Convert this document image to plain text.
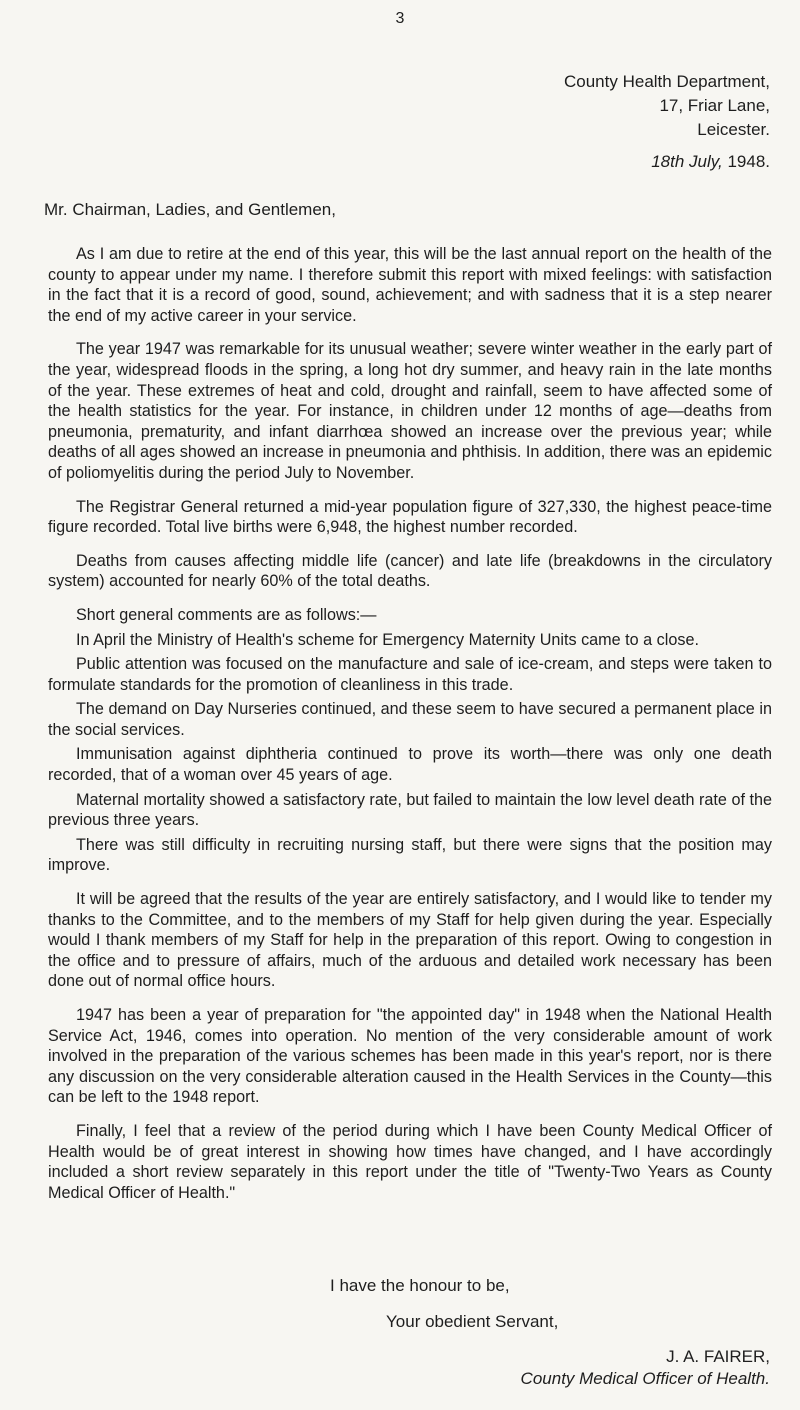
3
County Health Department,
17, Friar Lane,
Leicester.
18th July, 1948.
Mr. Chairman, Ladies, and Gentlemen,

As I am due to retire at the end of this year, this will be the last annual report on the health of the county to appear under my name. I therefore submit this report with mixed feelings: with satisfaction in the fact that it is a record of good, sound, achievement; and with sadness that it is a step nearer the end of my active career in your service.

The year 1947 was remarkable for its unusual weather; severe winter weather in the early part of the year, widespread floods in the spring, a long hot dry summer, and heavy rain in the late months of the year. These extremes of heat and cold, drought and rainfall, seem to have affected some of the health statistics for the year. For instance, in children under 12 months of age—deaths from pneumonia, prematurity, and infant diarrhœa showed an increase over the previous year; while deaths of all ages showed an increase in pneumonia and phthisis. In addition, there was an epidemic of poliomyelitis during the period July to November.

The Registrar General returned a mid-year population figure of 327,330, the highest peace-time figure recorded. Total live births were 6,948, the highest number recorded.

Deaths from causes affecting middle life (cancer) and late life (breakdowns in the circulatory system) accounted for nearly 60% of the total deaths.

Short general comments are as follows:—

In April the Ministry of Health's scheme for Emergency Maternity Units came to a close.

Public attention was focused on the manufacture and sale of ice-cream, and steps were taken to formulate standards for the promotion of cleanliness in this trade.

The demand on Day Nurseries continued, and these seem to have secured a permanent place in the social services.

Immunisation against diphtheria continued to prove its worth—there was only one death recorded, that of a woman over 45 years of age.

Maternal mortality showed a satisfactory rate, but failed to maintain the low level death rate of the previous three years.

There was still difficulty in recruiting nursing staff, but there were signs that the position may improve.

It will be agreed that the results of the year are entirely satisfactory, and I would like to tender my thanks to the Committee, and to the members of my Staff for help given during the year. Especially would I thank members of my Staff for help in the preparation of this report. Owing to congestion in the office and to pressure of affairs, much of the arduous and detailed work necessary has been done out of normal office hours.

1947 has been a year of preparation for "the appointed day" in 1948 when the National Health Service Act, 1946, comes into operation. No mention of the very considerable amount of work involved in the preparation of the various schemes has been made in this year's report, nor is there any discussion on the very considerable alteration caused in the Health Services in the County—this can be left to the 1948 report.

Finally, I feel that a review of the period during which I have been County Medical Officer of Health would be of great interest in showing how times have changed, and I have accordingly included a short review separately in this report under the title of "Twenty-Two Years as County Medical Officer of Health."

I have the honour to be,
Your obedient Servant,
J. A. FAIRER,
County Medical Officer of Health.
